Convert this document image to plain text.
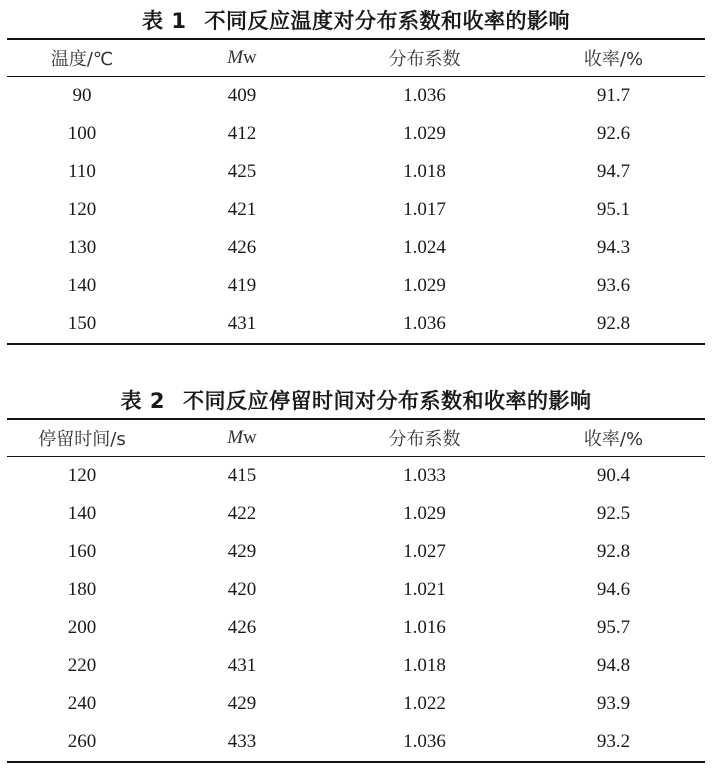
表 1 不同反应温度对分布系数和收率的影响
温度/℃	Mw	分布系数	收率/%
90	409	1.036	91.7
100	412	1.029	92.6
110	425	1.018	94.7
120	421	1.017	95.1
130	426	1.024	94.3
140	419	1.029	93.6
150	431	1.036	92.8
表 2 不同反应停留时间对分布系数和收率的影响
停留时间/s	Mw	分布系数	收率/%
120	415	1.033	90.4
140	422	1.029	92.5
160	429	1.027	92.8
180	420	1.021	94.6
200	426	1.016	95.7
220	431	1.018	94.8
240	429	1.022	93.9
260	433	1.036	93.2
